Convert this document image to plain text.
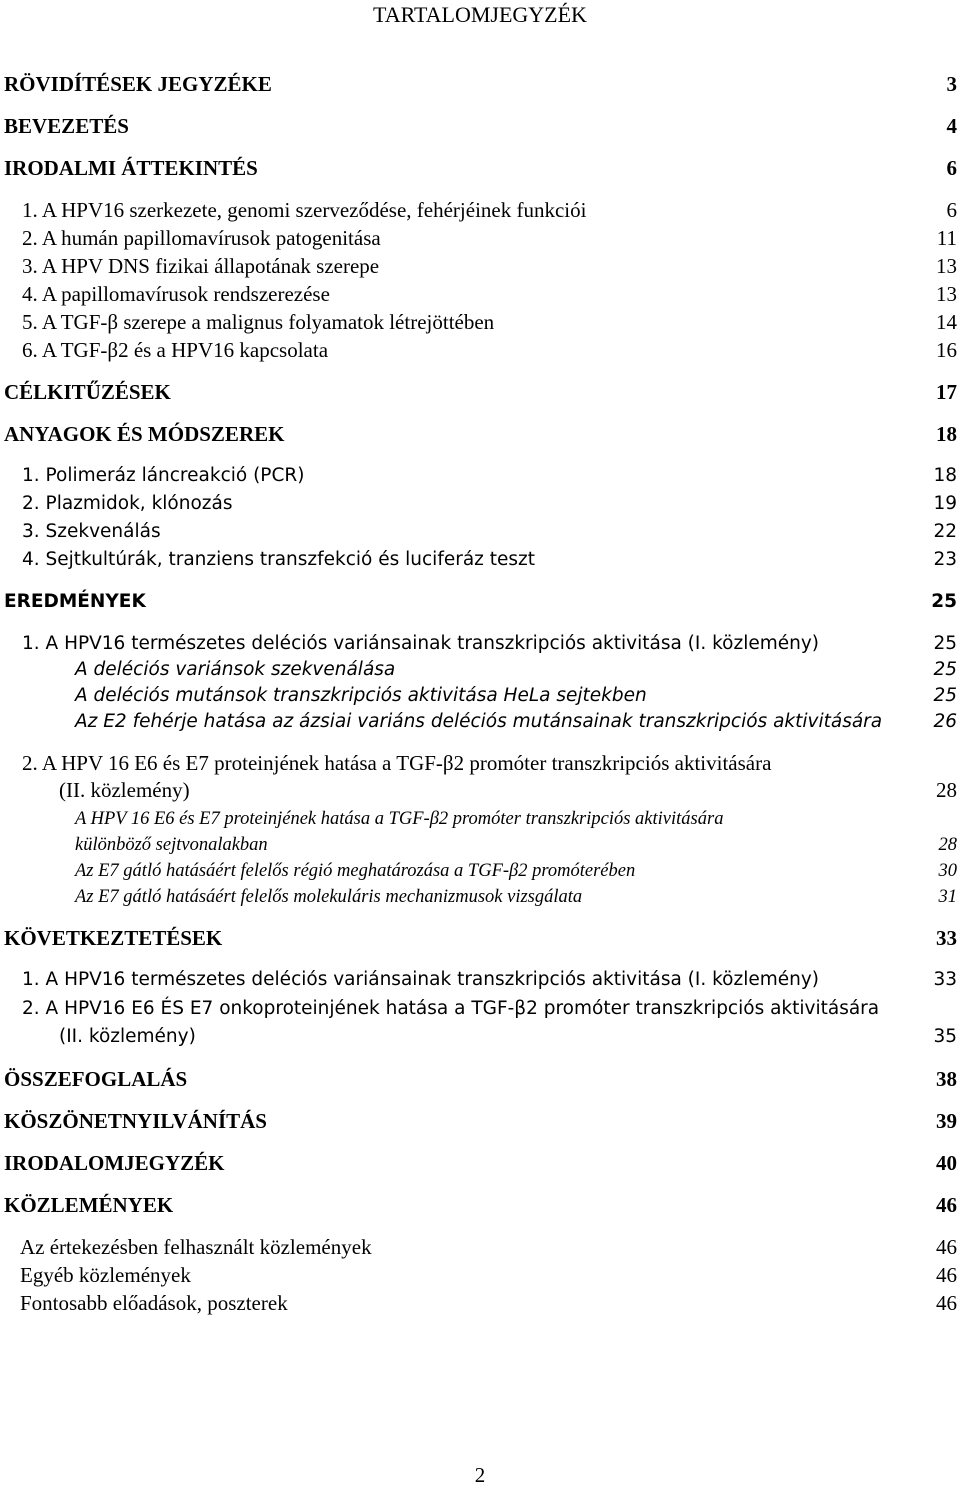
TARTALOMJEGYZÉK
RÖVIDÍTÉSEK JEGYZÉKE	3
BEVEZETÉS	4
IRODALMI ÁTTEKINTÉS	6
1. A HPV16 szerkezete, genomi szerveződése, fehérjéinek funkciói	6
2. A humán papillomavírusok patogenitása	11
3. A HPV DNS fizikai állapotának szerepe	13
4. A papillomavírusok rendszerezése	13
5. A TGF-β szerepe a malignus folyamatok létrejöttében	14
6. A TGF-β2 és a HPV16 kapcsolata	16
CÉLKITŰZÉSEK	17
ANYAGOK ÉS MÓDSZEREK	18
1. Polimeráz láncreakció (PCR)	18
2. Plazmidok, klónozás	19
3. Szekvenálás	22
4. Sejtkultúrák, tranziens transzfekció és luciferáz teszt	23
EREDMÉNYEK	25
1. A HPV16 természetes deléciós variánsainak transzkripciós aktivitása (I. közlemény)	25
A deléciós variánsok szekvenálása	25
A deléciós mutánsok transzkripciós aktivitása HeLa sejtekben	25
Az E2 fehérje hatása az ázsiai variáns deléciós mutánsainak transzkripciós aktivitására	26
2. A HPV 16 E6 és E7 proteinjének hatása a TGF-β2 promóter transzkripciós aktivitására
(II. közlemény)	28
A HPV 16 E6 és E7 proteinjének hatása a TGF-β2 promóter transzkripciós aktivitására
különböző sejtvonalakban	28
Az E7 gátló hatásáért felelős régió meghatározása a TGF-β2 promóterében	30
Az E7 gátló hatásáért felelős molekuláris mechanizmusok vizsgálata	31
KÖVETKEZTETÉSEK	33
1. A HPV16 természetes deléciós variánsainak transzkripciós aktivitása (I. közlemény)	33
2. A HPV16 E6 ÉS E7 onkoproteinjének hatása a TGF-β2 promóter transzkripciós aktivitására
(II. közlemény)	35
ÖSSZEFOGLALÁS	38
KÖSZÖNETNYILVÁNÍTÁS	39
IRODALOMJEGYZÉK	40
KÖZLEMÉNYEK	46
Az értekezésben felhasznált közlemények	46
Egyéb közlemények	46
Fontosabb előadások, poszterek	46
2
